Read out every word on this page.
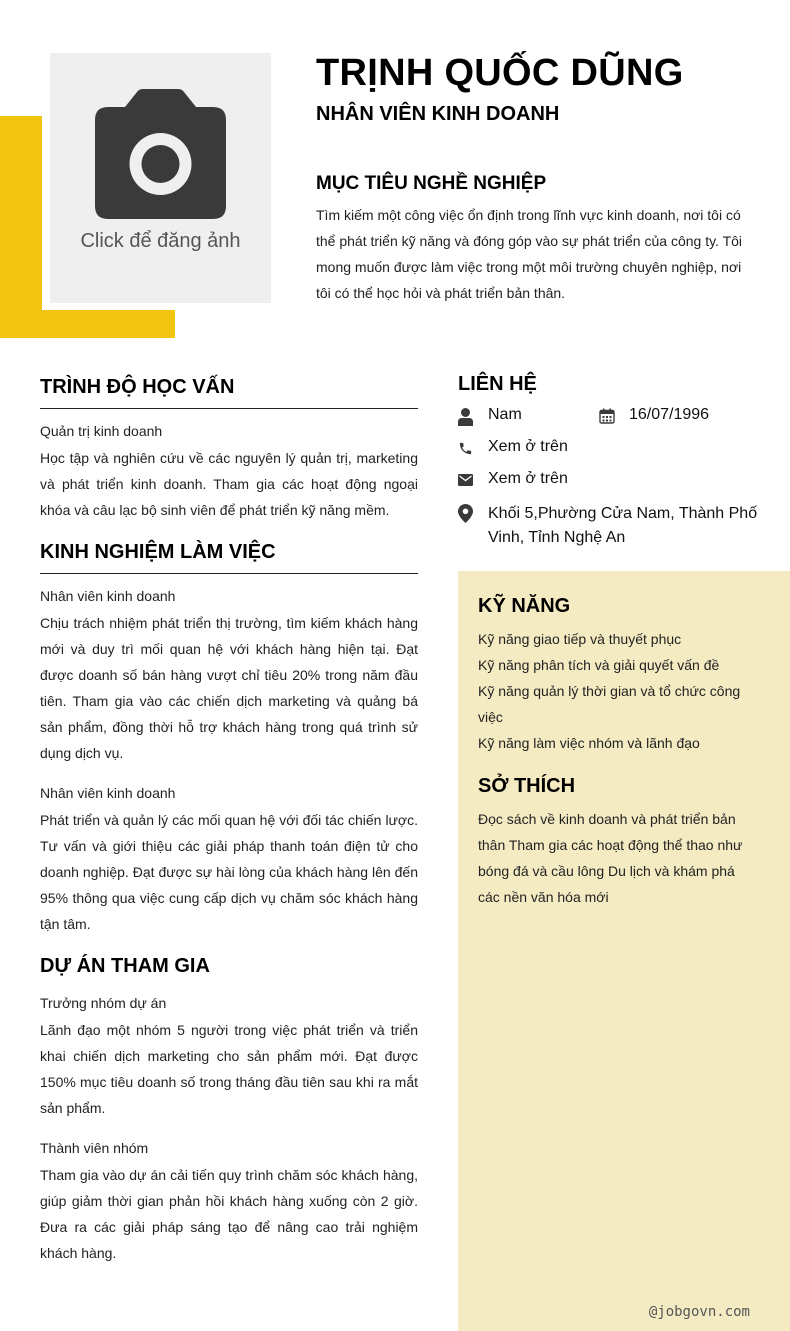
Click để đăng ảnh
TRỊNH QUỐC DŨNG
NHÂN VIÊN KINH DOANH
MỤC TIÊU NGHỀ NGHIỆP
Tìm kiếm một công việc ổn định trong lĩnh vực kinh doanh, nơi tôi có thể phát triển kỹ năng và đóng góp vào sự phát triển của công ty. Tôi mong muốn được làm việc trong một môi trường chuyên nghiệp, nơi tôi có thể học hỏi và phát triển bản thân.
TRÌNH ĐỘ HỌC VẤN
Quản trị kinh doanh
Học tập và nghiên cứu về các nguyên lý quản trị, marketing và phát triển kinh doanh. Tham gia các hoạt động ngoại khóa và câu lạc bộ sinh viên để phát triển kỹ năng mềm.
KINH NGHIỆM LÀM VIỆC
Nhân viên kinh doanh
Chịu trách nhiệm phát triển thị trường, tìm kiếm khách hàng mới và duy trì mối quan hệ với khách hàng hiện tại. Đạt được doanh số bán hàng vượt chỉ tiêu 20% trong năm đầu tiên. Tham gia vào các chiến dịch marketing và quảng bá sản phẩm, đồng thời hỗ trợ khách hàng trong quá trình sử dụng dịch vụ.
Nhân viên kinh doanh
Phát triển và quản lý các mối quan hệ với đối tác chiến lược. Tư vấn và giới thiệu các giải pháp thanh toán điện tử cho doanh nghiệp. Đạt được sự hài lòng của khách hàng lên đến 95% thông qua việc cung cấp dịch vụ chăm sóc khách hàng tận tâm.
DỰ ÁN THAM GIA
Trưởng nhóm dự án
Lãnh đạo một nhóm 5 người trong việc phát triển và triển khai chiến dịch marketing cho sản phẩm mới. Đạt được 150% mục tiêu doanh số trong tháng đầu tiên sau khi ra mắt sản phẩm.
Thành viên nhóm
Tham gia vào dự án cải tiến quy trình chăm sóc khách hàng, giúp giảm thời gian phản hồi khách hàng xuống còn 2 giờ. Đưa ra các giải pháp sáng tạo để nâng cao trải nghiệm khách hàng.
LIÊN HỆ
Nam	16/07/1996
Xem ở trên
Xem ở trên
Khối 5,Phường Cửa Nam, Thành Phố Vinh, Tỉnh Nghệ An
KỸ NĂNG
Kỹ năng giao tiếp và thuyết phục
Kỹ năng phân tích và giải quyết vấn đề
Kỹ năng quản lý thời gian và tổ chức công việc
Kỹ năng làm việc nhóm và lãnh đạo
SỞ THÍCH
Đọc sách về kinh doanh và phát triển bản thân Tham gia các hoạt động thể thao như bóng đá và cầu lông Du lịch và khám phá các nền văn hóa mới
@jobgovn.com
